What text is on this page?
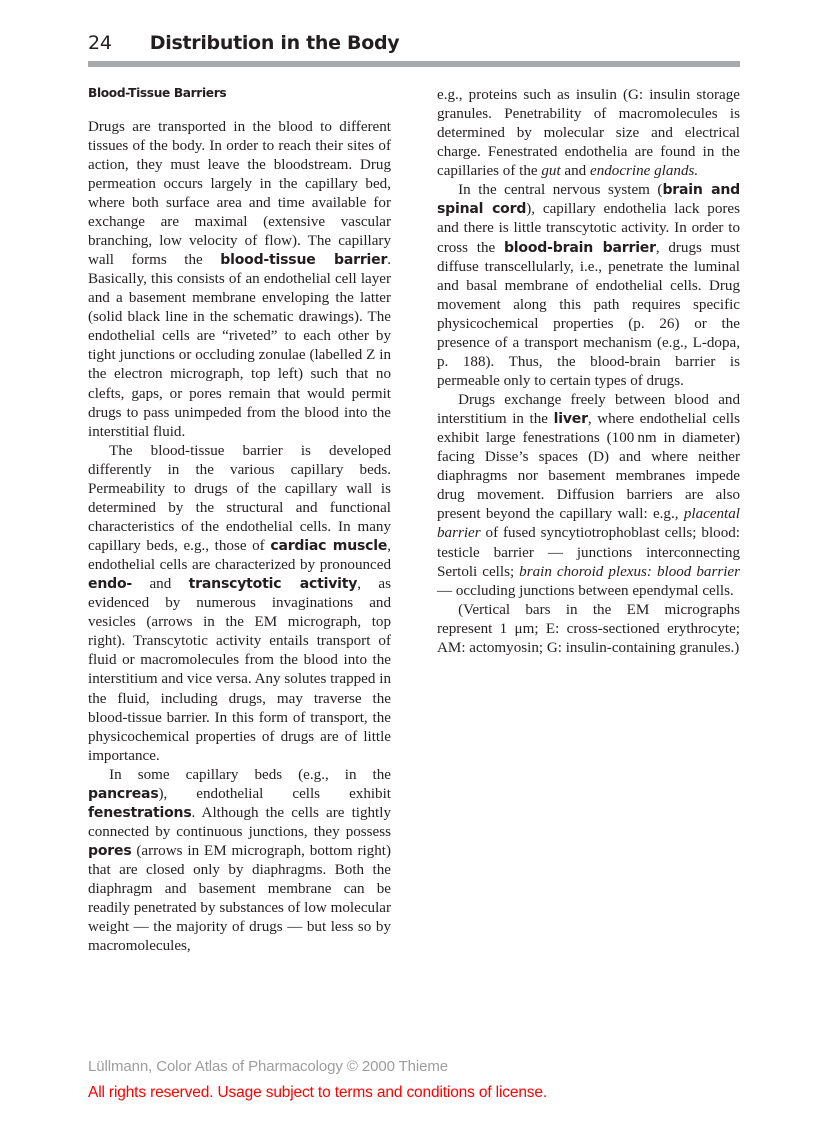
24 Distribution in the Body
Blood-Tissue Barriers

Drugs are transported in the blood to different tissues of the body. In order to reach their sites of action, they must leave the bloodstream. Drug permeation occurs largely in the capillary bed, where both surface area and time available for exchange are maximal (extensive vascular branching, low velocity of flow). The capillary wall forms the blood-tissue barrier. Basically, this consists of an endothelial cell layer and a basement membrane enveloping the latter (solid black line in the schematic drawings). The endothelial cells are “riveted” to each other by tight junctions or occluding zonulae (labelled Z in the electron micrograph, top left) such that no clefts, gaps, or pores remain that would permit drugs to pass unimpeded from the blood into the interstitial fluid.

The blood-tissue barrier is developed differently in the various capillary beds. Permeability to drugs of the capillary wall is determined by the structural and functional characteristics of the endothelial cells. In many capillary beds, e.g., those of cardiac muscle, endothelial cells are characterized by pronounced endo- and transcytotic activity, as evidenced by numerous invaginations and vesicles (arrows in the EM micrograph, top right). Transcytotic activity entails transport of fluid or macromolecules from the blood into the interstitium and vice versa. Any solutes trapped in the fluid, including drugs, may traverse the blood-tissue barrier. In this form of transport, the physicochemical properties of drugs are of little importance.

In some capillary beds (e.g., in the pancreas), endothelial cells exhibit fenestrations. Although the cells are tightly connected by continuous junctions, they possess pores (arrows in EM micrograph, bottom right) that are closed only by diaphragms. Both the diaphragm and basement membrane can be readily penetrated by substances of low molecular weight — the majority of drugs — but less so by macromolecules,

e.g., proteins such as insulin (G: insulin storage granules. Penetrability of macromolecules is determined by molecular size and electrical charge. Fenestrated endothelia are found in the capillaries of the gut and endocrine glands.

In the central nervous system (brain and spinal cord), capillary endothelia lack pores and there is little transcytotic activity. In order to cross the blood-brain barrier, drugs must diffuse transcellularly, i.e., penetrate the luminal and basal membrane of endothelial cells. Drug movement along this path requires specific physicochemical properties (p. 26) or the presence of a transport mechanism (e.g., L-dopa, p. 188). Thus, the blood-brain barrier is permeable only to certain types of drugs.

Drugs exchange freely between blood and interstitium in the liver, where endothelial cells exhibit large fenestrations (100 nm in diameter) facing Disse’s spaces (D) and where neither diaphragms nor basement membranes impede drug movement. Diffusion barriers are also present beyond the capillary wall: e.g., placental barrier of fused syncytiotrophoblast cells; blood: testicle barrier — junctions interconnecting Sertoli cells; brain choroid plexus: blood barrier — occluding junctions between ependymal cells.

(Vertical bars in the EM micrographs represent 1 μm; E: cross-sectioned erythrocyte; AM: actomyosin; G: insulin-containing granules.)

Lüllmann, Color Atlas of Pharmacology © 2000 Thieme
All rights reserved. Usage subject to terms and conditions of license.
